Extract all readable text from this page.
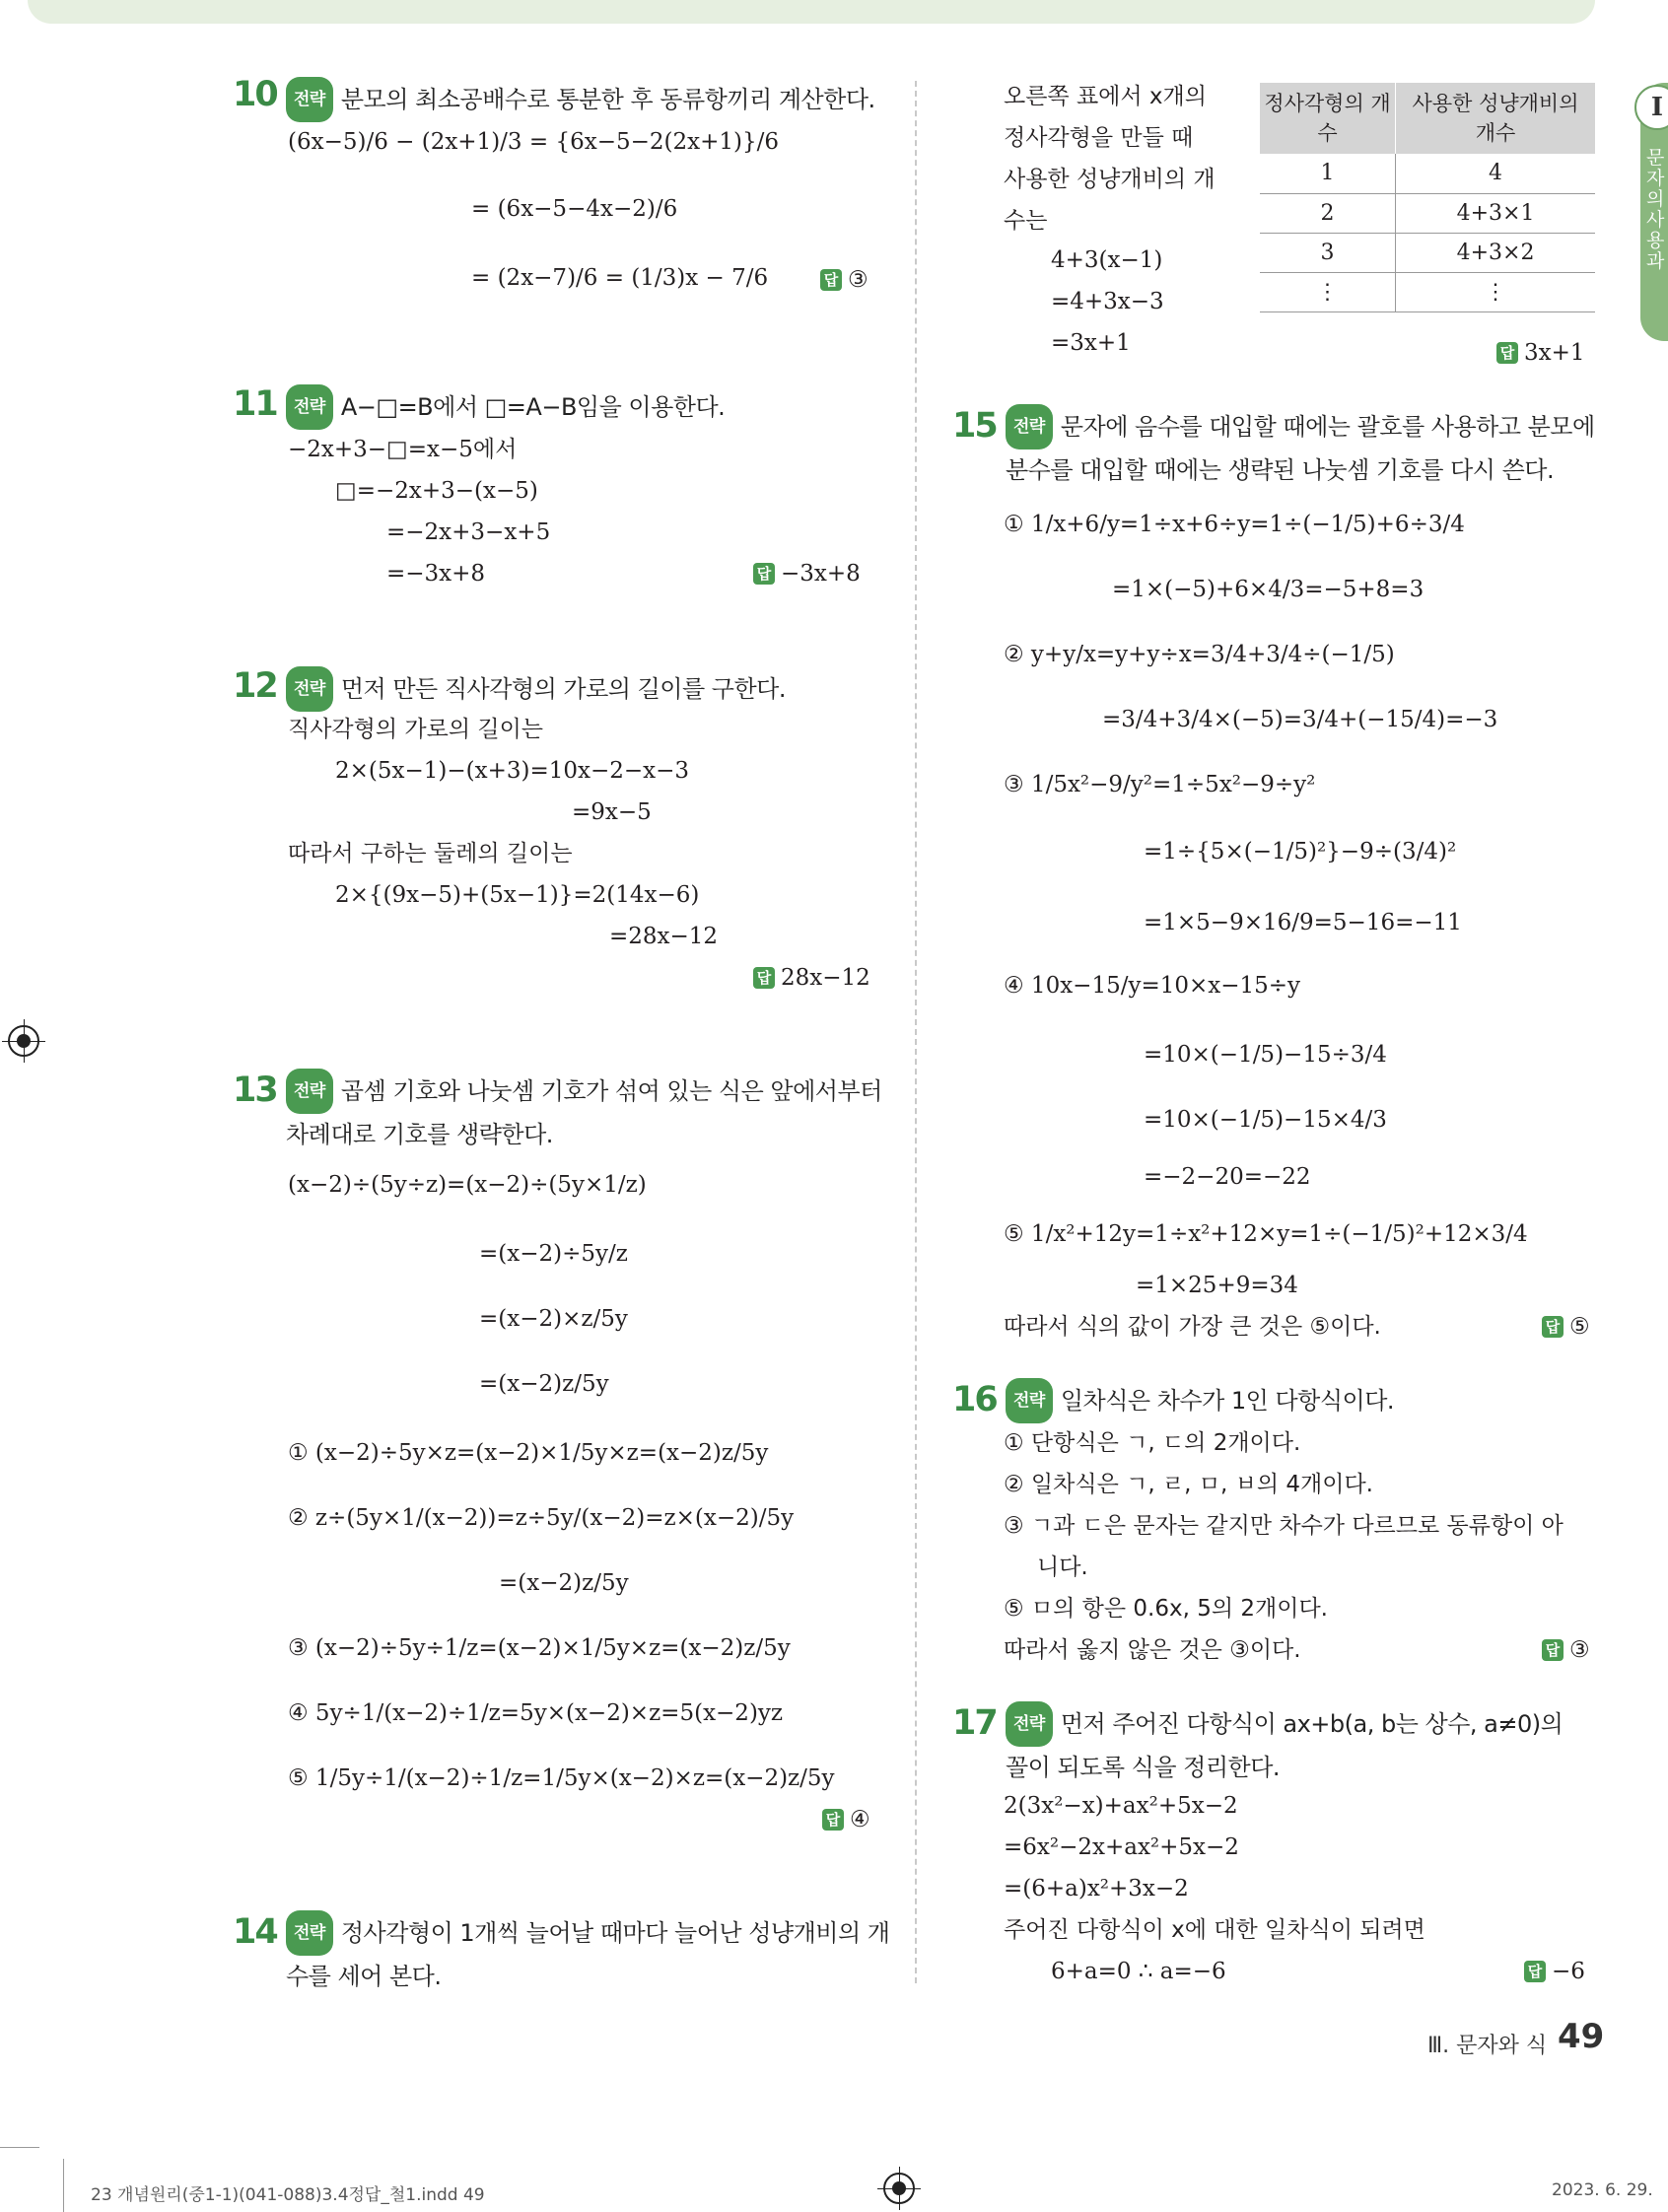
Ⅰ
문자의 사용과
10	전략 분모의 최소공배수로 통분한 후 동류항끼리 계산한다.
(6x−5)/6 − (2x+1)/3 = {6x−5−2(2x+1)}/6
= (6x−5−4x−2)/6
= (2x−7)/6 = (1/3)x − 7/6	답 ③
11	전략 A−□=B에서 □=A−B임을 이용한다.
−2x+3−□=x−5에서
□=−2x+3−(x−5)
=−2x+3−x+5
=−3x+8	답 −3x+8
12	전략 먼저 만든 직사각형의 가로의 길이를 구한다.
직사각형의 가로의 길이는
2×(5x−1)−(x+3)=10x−2−x−3
=9x−5
따라서 구하는 둘레의 길이는
2×{(9x−5)+(5x−1)}=2(14x−6)
=28x−12
답 28x−12
13	전략 곱셈 기호와 나눗셈 기호가 섞여 있는 식은 앞에서부터
차례대로 기호를 생략한다.
(x−2)÷(5y÷z)=(x−2)÷(5y×1/z)
=(x−2)÷5y/z
=(x−2)×z/5y
=(x−2)z/5y
① (x−2)÷5y×z=(x−2)×1/5y×z=(x−2)z/5y
② z÷(5y×1/(x−2))=z÷5y/(x−2)=z×(x−2)/5y
=(x−2)z/5y
③ (x−2)÷5y÷1/z=(x−2)×1/5y×z=(x−2)z/5y
④ 5y÷1/(x−2)÷1/z=5y×(x−2)×z=5(x−2)yz
⑤ 1/5y÷1/(x−2)÷1/z=1/5y×(x−2)×z=(x−2)z/5y
답 ④
14	전략 정사각형이 1개씩 늘어날 때마다 늘어난 성냥개비의 개
수를 세어 본다.
오른쪽 표에서 x개의
정사각형을 만들 때
사용한 성냥개비의 개
수는
4+3(x−1)
=4+3x−3
=3x+1
정사각형의 개수	사용한 성냥개비의 개수
1	4
2	4+3×1
3	4+3×2
⋮	⋮
답 3x+1
15	전략 문자에 음수를 대입할 때에는 괄호를 사용하고 분모에
분수를 대입할 때에는 생략된 나눗셈 기호를 다시 쓴다.
① 1/x+6/y=1÷x+6÷y=1÷(−1/5)+6÷3/4
=1×(−5)+6×4/3=−5+8=3
② y+y/x=y+y÷x=3/4+3/4÷(−1/5)
=3/4+3/4×(−5)=3/4+(−15/4)=−3
③ 1/5x²−9/y²=1÷5x²−9÷y²
=1÷{5×(−1/5)²}−9÷(3/4)²
=1×5−9×16/9=5−16=−11
④ 10x−15/y=10×x−15÷y
=10×(−1/5)−15÷3/4
=10×(−1/5)−15×4/3
=−2−20=−22
⑤ 1/x²+12y=1÷x²+12×y=1÷(−1/5)²+12×3/4
=1×25+9=34
따라서 식의 값이 가장 큰 것은 ⑤이다.	답 ⑤
16	전략 일차식은 차수가 1인 다항식이다.
① 단항식은 ㄱ, ㄷ의 2개이다.
② 일차식은 ㄱ, ㄹ, ㅁ, ㅂ의 4개이다.
③ ㄱ과 ㄷ은 문자는 같지만 차수가 다르므로 동류항이 아
니다.
⑤ ㅁ의 항은 0.6x, 5의 2개이다.
따라서 옳지 않은 것은 ③이다.	답 ③
17	전략 먼저 주어진 다항식이 ax+b(a, b는 상수, a≠0)의
꼴이 되도록 식을 정리한다.
2(3x²−x)+ax²+5x−2
=6x²−2x+ax²+5x−2
=(6+a)x²+3x−2
주어진 다항식이 x에 대한 일차식이 되려면
6+a=0 ∴ a=−6	답 −6
Ⅲ. 문자와 식 49
23 개념원리(중1-1)(041-088)3.4정답_철1.indd 49	2023. 6. 29.
